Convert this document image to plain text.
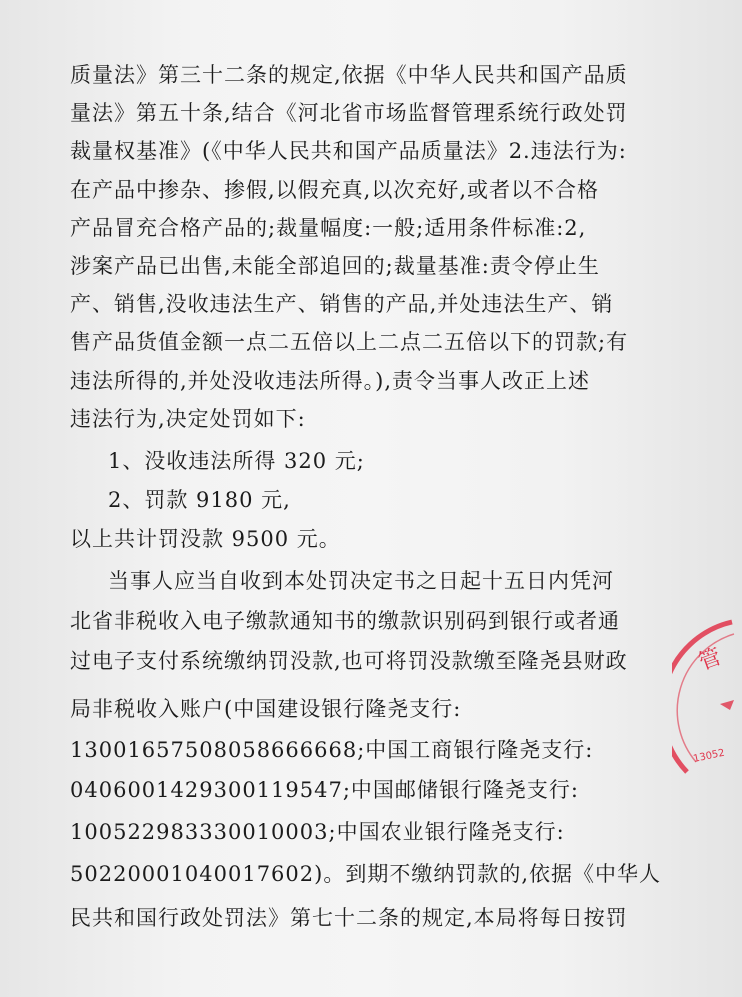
质量法》第三十二条的规定,依据《中华人民共和国产品质

量法》第五十条,结合《河北省市场监督管理系统行政处罚

裁量权基准》(《中华人民共和国产品质量法》2.违法行为:

在产品中掺杂、掺假,以假充真,以次充好,或者以不合格

产品冒充合格产品的;裁量幅度:一般;适用条件标准:2,

涉案产品已出售,未能全部追回的;裁量基准:责令停止生

产、销售,没收违法生产、销售的产品,并处违法生产、销

售产品货值金额一点二五倍以上二点二五倍以下的罚款;有

违法所得的,并处没收违法所得。),责令当事人改正上述

违法行为,决定处罚如下:

1、没收违法所得 320 元;

2、罚款 9180 元,

以上共计罚没款 9500 元。

当事人应当自收到本处罚决定书之日起十五日内凭河

北省非税收入电子缴款通知书的缴款识别码到银行或者通

过电子支付系统缴纳罚没款,也可将罚没款缴至隆尧县财政

局非税收入账户(中国建设银行隆尧支行:

13001657508058666668;中国工商银行隆尧支行:

0406001429300119547;中国邮储银行隆尧支行:

100522983330010003;中国农业银行隆尧支行:

50220001040017602)。到期不缴纳罚款的,依据《中华人

民共和国行政处罚法》第七十二条的规定,本局将每日按罚

管
13052
